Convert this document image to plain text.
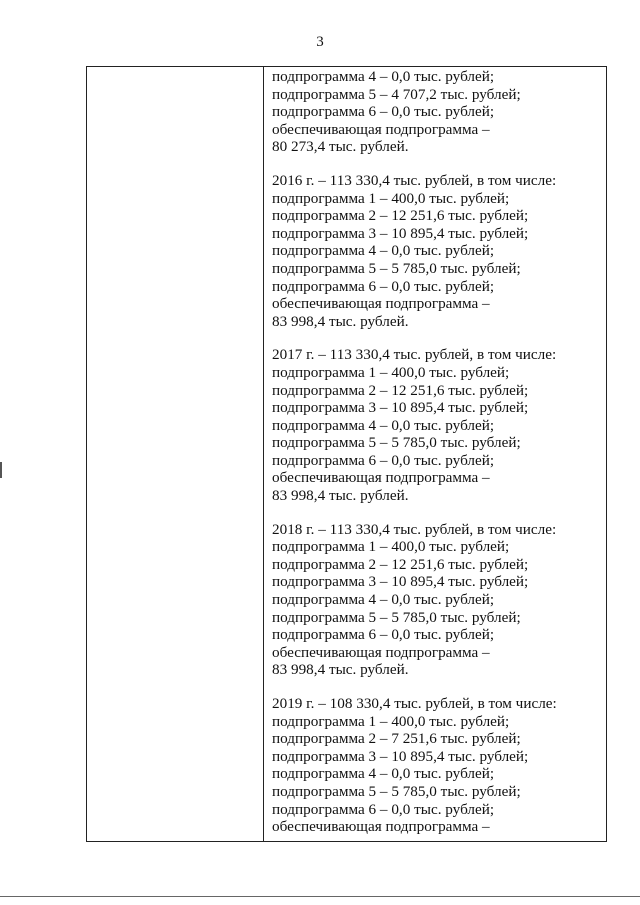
3
подпрограмма 4 – 0,0 тыс. рублей;
подпрограмма 5 – 4 707,2 тыс. рублей;
подпрограмма 6 – 0,0 тыс. рублей;
обеспечивающая подпрограмма –
80 273,4 тыс. рублей.
2016 г. – 113 330,4 тыс. рублей, в том числе:
подпрограмма 1 – 400,0 тыс. рублей;
подпрограмма 2 – 12 251,6 тыс. рублей;
подпрограмма 3 – 10 895,4 тыс. рублей;
подпрограмма 4 – 0,0 тыс. рублей;
подпрограмма 5 – 5 785,0 тыс. рублей;
подпрограмма 6 – 0,0 тыс. рублей;
обеспечивающая подпрограмма –
83 998,4 тыс. рублей.
2017 г. – 113 330,4 тыс. рублей, в том числе:
подпрограмма 1 – 400,0 тыс. рублей;
подпрограмма 2 – 12 251,6 тыс. рублей;
подпрограмма 3 – 10 895,4 тыс. рублей;
подпрограмма 4 – 0,0 тыс. рублей;
подпрограмма 5 – 5 785,0 тыс. рублей;
подпрограмма 6 – 0,0 тыс. рублей;
обеспечивающая подпрограмма –
83 998,4 тыс. рублей.
2018 г. – 113 330,4 тыс. рублей, в том числе:
подпрограмма 1 – 400,0 тыс. рублей;
подпрограмма 2 – 12 251,6 тыс. рублей;
подпрограмма 3 – 10 895,4 тыс. рублей;
подпрограмма 4 – 0,0 тыс. рублей;
подпрограмма 5 – 5 785,0 тыс. рублей;
подпрограмма 6 – 0,0 тыс. рублей;
обеспечивающая подпрограмма –
83 998,4 тыс. рублей.
2019 г. – 108 330,4 тыс. рублей, в том числе:
подпрограмма 1 – 400,0 тыс. рублей;
подпрограмма 2 – 7 251,6 тыс. рублей;
подпрограмма 3 – 10 895,4 тыс. рублей;
подпрограмма 4 – 0,0 тыс. рублей;
подпрограмма 5 – 5 785,0 тыс. рублей;
подпрограмма 6 – 0,0 тыс. рублей;
обеспечивающая подпрограмма –
